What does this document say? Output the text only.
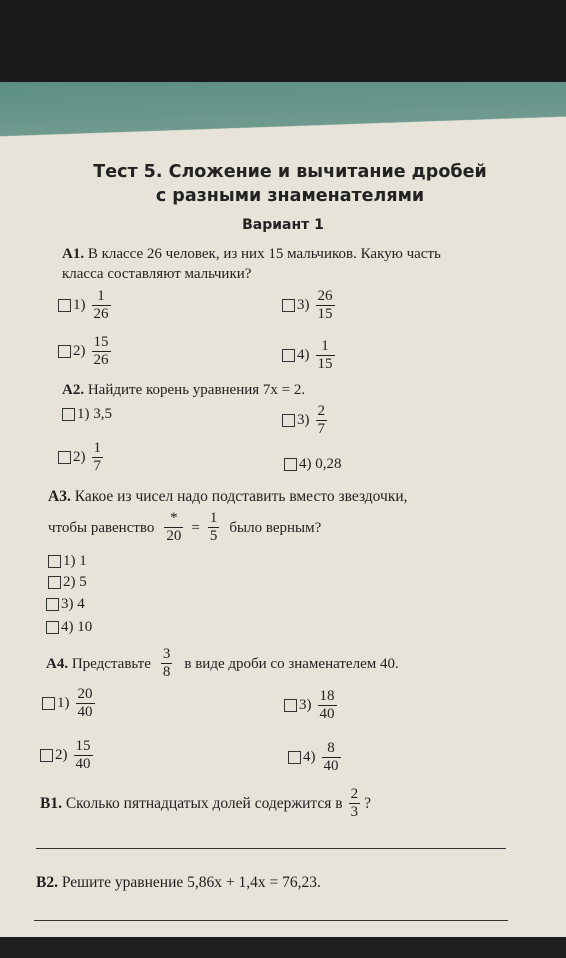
Тест 5. Сложение и вычитание дробей
с разными знаменателями
Вариант 1
А1. В классе 26 человек, из них 15 мальчиков. Какую часть
класса составляют мальчики?
$1) \frac{1}{26}$	$3) \frac{26}{15}$
$2) \frac{15}{26}$	$4) \frac{1}{15}$
А2. Найдите корень уравнения 7x = 2.
1) 3,5	$3) \frac{2}{7}$
$2) \frac{1}{7}$	4) 0,28
А3. Какое из чисел надо подставить вместо звездочки,
чтобы равенство $\frac{*}{20} = \frac{1}{5}$ было верным?
1) 1
2) 5
3) 4
4) 10
А4.
Представьте $\frac{3}{8}$ в виде дроби со знаменателем 40.
$1) \frac{20}{40}$	$3) \frac{18}{40}$
$2) \frac{15}{40}$	$4) \frac{8}{40}$
В1.
Сколько пятнадцатых долей содержится в $\frac{2}{3}$ ?
В2. Решите уравнение 5,86x + 1,4x = 76,23.
